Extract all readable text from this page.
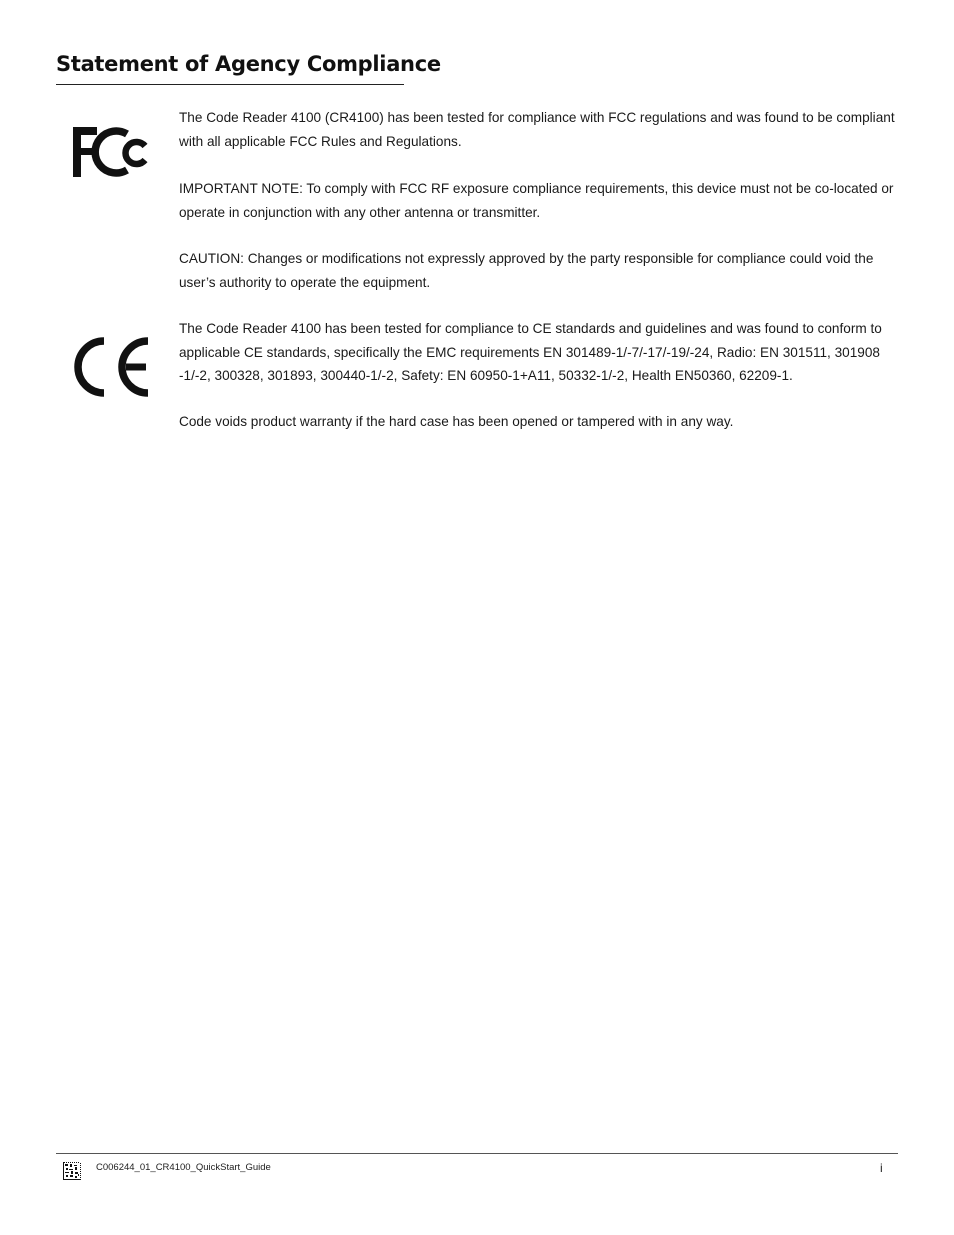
Statement of Agency Compliance

The Code Reader 4100 (CR4100) has been tested for compliance with FCC regulations and was found to be compliant with all applicable FCC Rules and Regulations.

IMPORTANT NOTE: To comply with FCC RF exposure compliance requirements, this device must not be co-located or operate in conjunction with any other antenna or transmitter.

CAUTION: Changes or modifications not expressly approved by the party responsible for compliance could void the user’s authority to operate the equipment.

The Code Reader 4100 has been tested for compliance to CE standards and guidelines and was found to conform to applicable CE standards, specifically the EMC requirements EN 301489-1/-7/-17/-19/-24, Radio: EN 301511, 301908 -1/-2, 300328, 301893, 300440-1/-2, Safety: EN 60950-1+A11, 50332-1/-2, Health EN50360, 62209-1.

Code voids product warranty if the hard case has been opened or tampered with in any way.

C006244_01_CR4100_QuickStart_Guide	i
